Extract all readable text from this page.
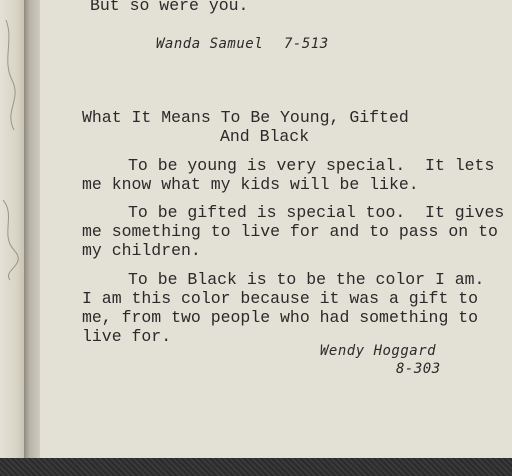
But so were you.
Wanda Samuel 7-513
What It Means To Be Young, Gifted
And Black
To be young is very special.  It lets
me know what my kids will be like.
To be gifted is special too.  It gives
me something to live for and to pass on to
my children.
To be Black is to be the color I am.
I am this color because it was a gift to
me, from two people who had something to
live for.
Wendy Hoggard
8-303
